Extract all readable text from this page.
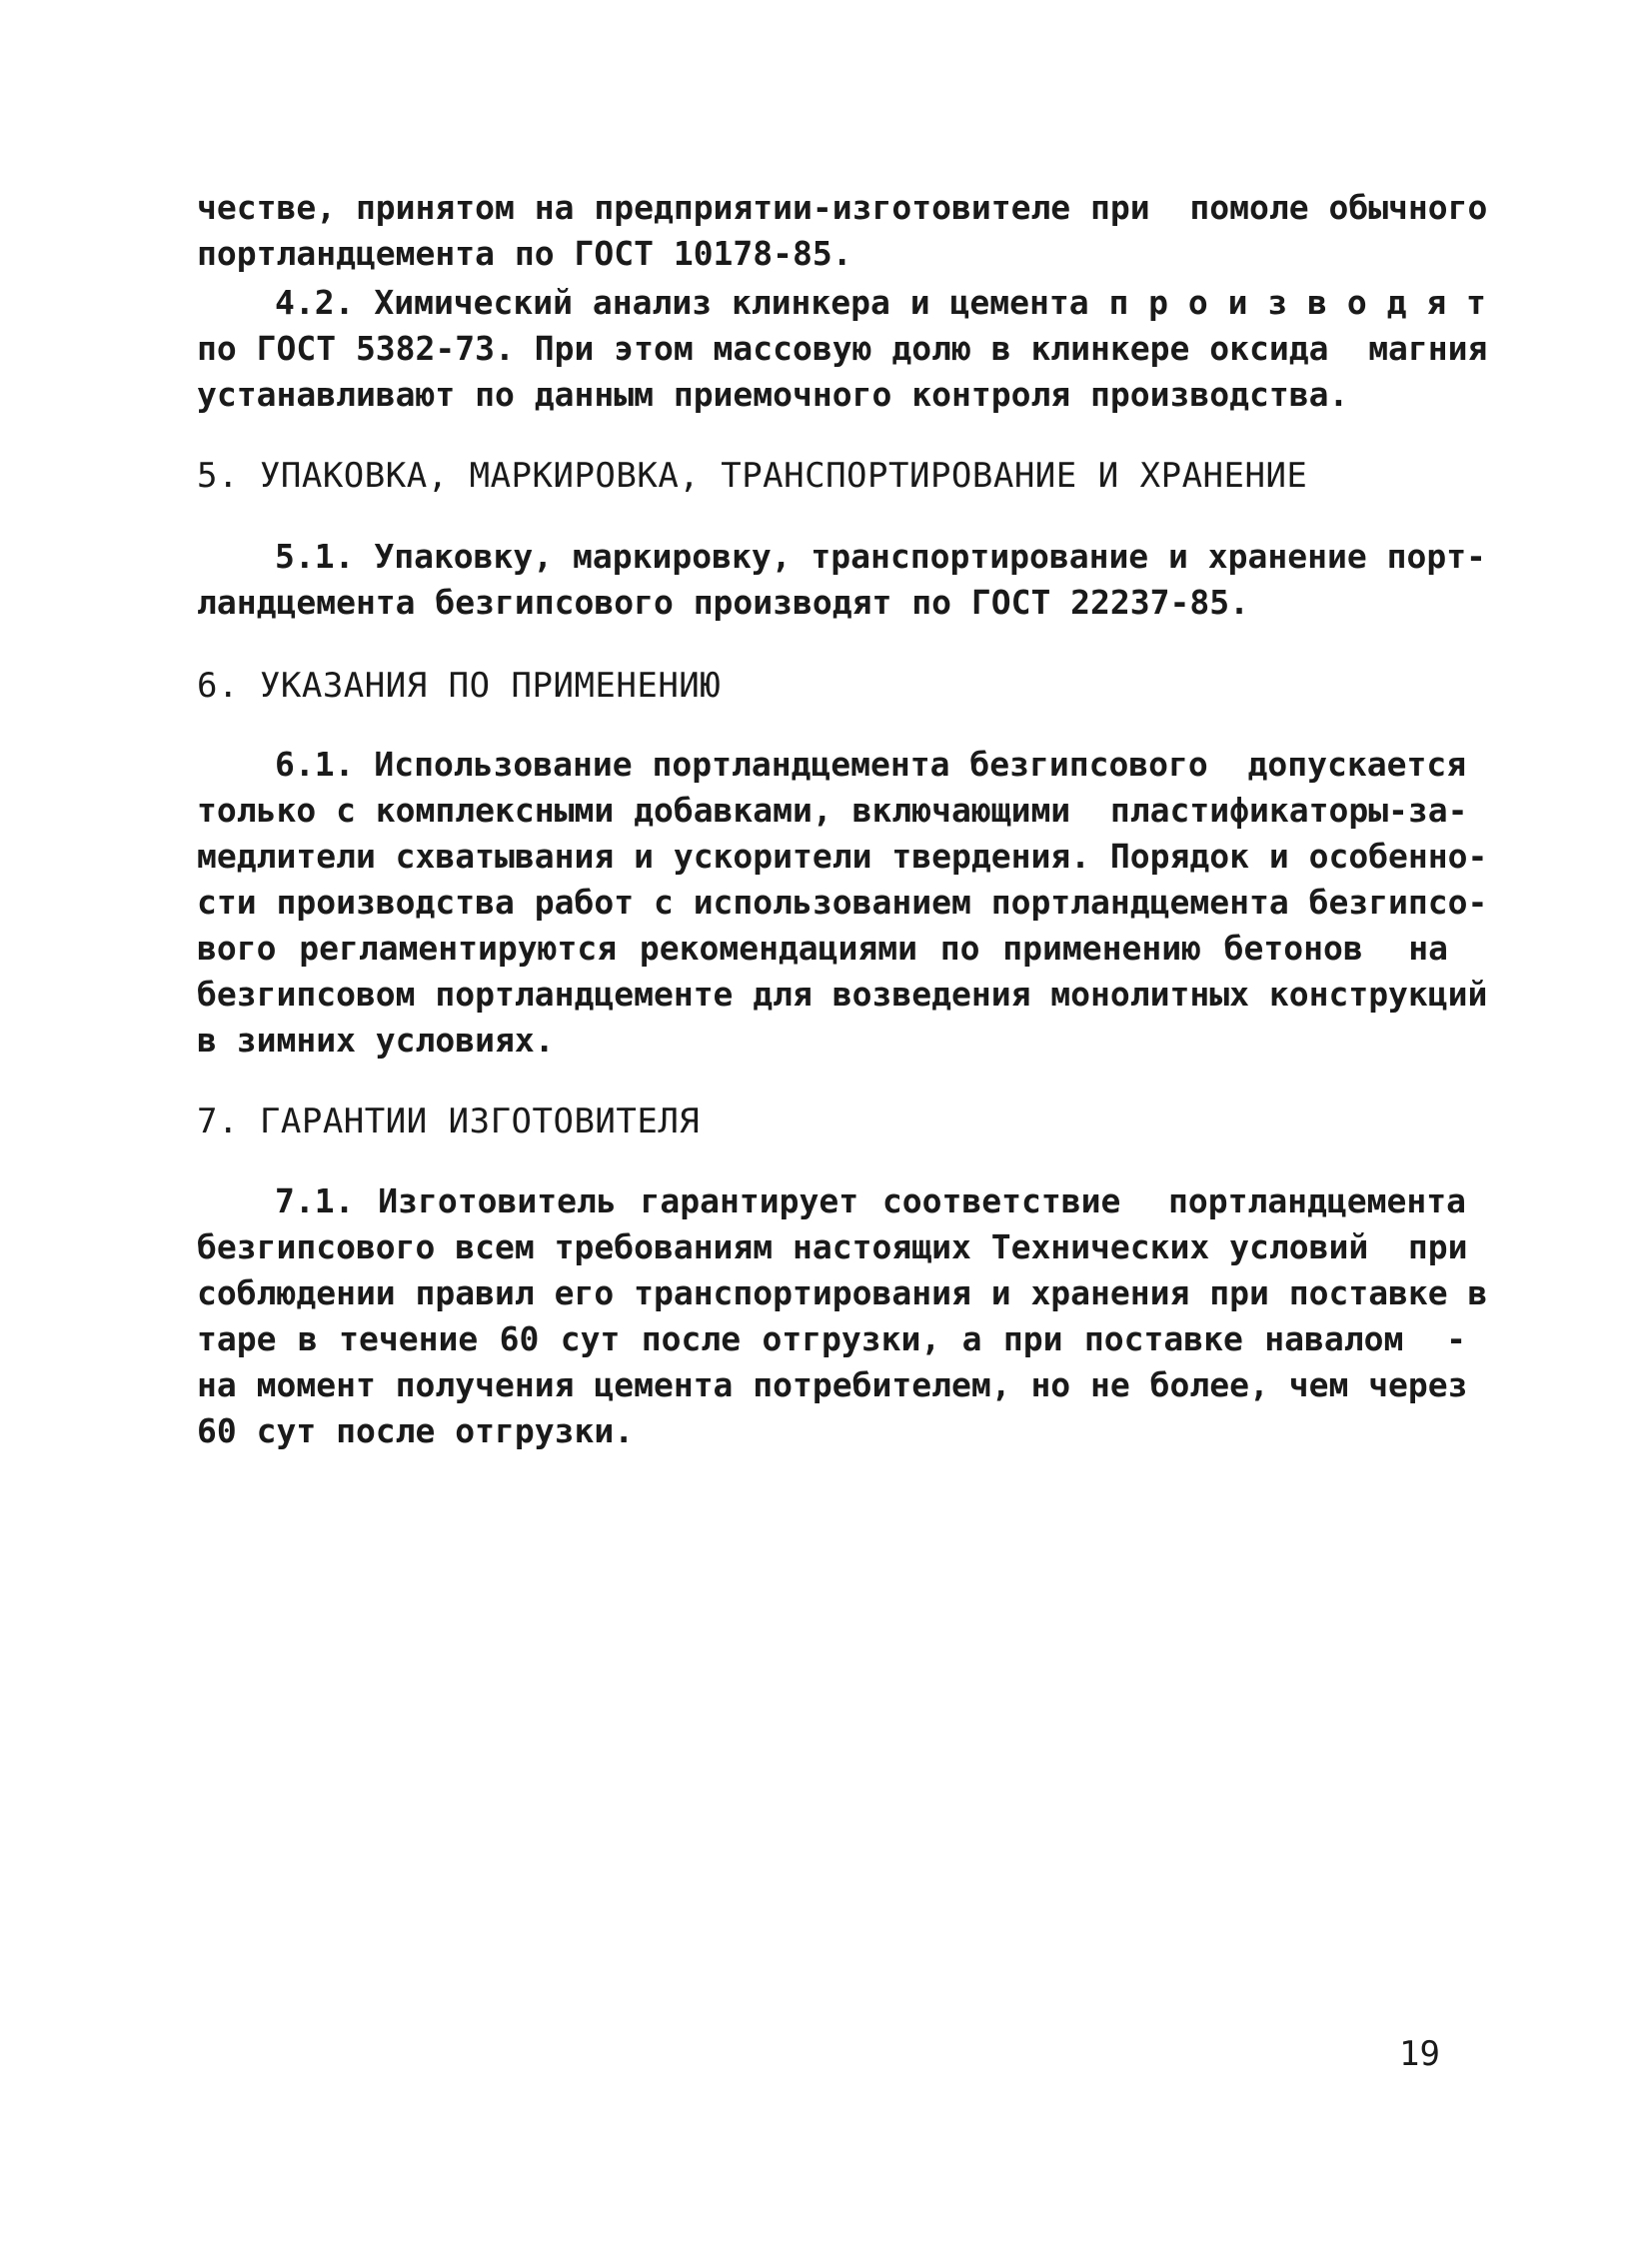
честве, принятом на предприятии-изготовителе при  помоле обычного
портландцемента по ГОСТ 10178-85.
4.2. Химический анализ клинкера и цемента п р о и з в о д я т
по ГОСТ 5382-73. При этом массовую долю в клинкере оксида  магния
устанавливают по данным приемочного контроля производства.
5. УПАКОВКА, МАРКИРОВКА, ТРАНСПОРТИРОВАНИЕ И ХРАНЕНИЕ
5.1. Упаковку, маркировку, транспортирование и хранение порт-
ландцемента безгипсового производят по ГОСТ 22237-85.
6. УКАЗАНИЯ ПО ПРИМЕНЕНИЮ
6.1. Использование портландцемента безгипсового  допускается
только с комплексными добавками, включающими  пластификаторы-за-
медлители схватывания и ускорители твердения. Порядок и особенно-
сти производства работ с использованием портландцемента безгипсо-
вого регламентируются рекомендациями по применению бетонов  на
безгипсовом портландцементе для возведения монолитных конструкций
в зимних условиях.
7. ГАРАНТИИ ИЗГОТОВИТЕЛЯ
7.1. Изготовитель гарантирует соответствие  портландцемента
безгипсового всем требованиям настоящих Технических условий  при
соблюдении правил его транспортирования и хранения при поставке в
таре в течение 60 сут после отгрузки, а при поставке навалом  -
на момент получения цемента потребителем, но не более, чем через
60 сут после отгрузки.
19
